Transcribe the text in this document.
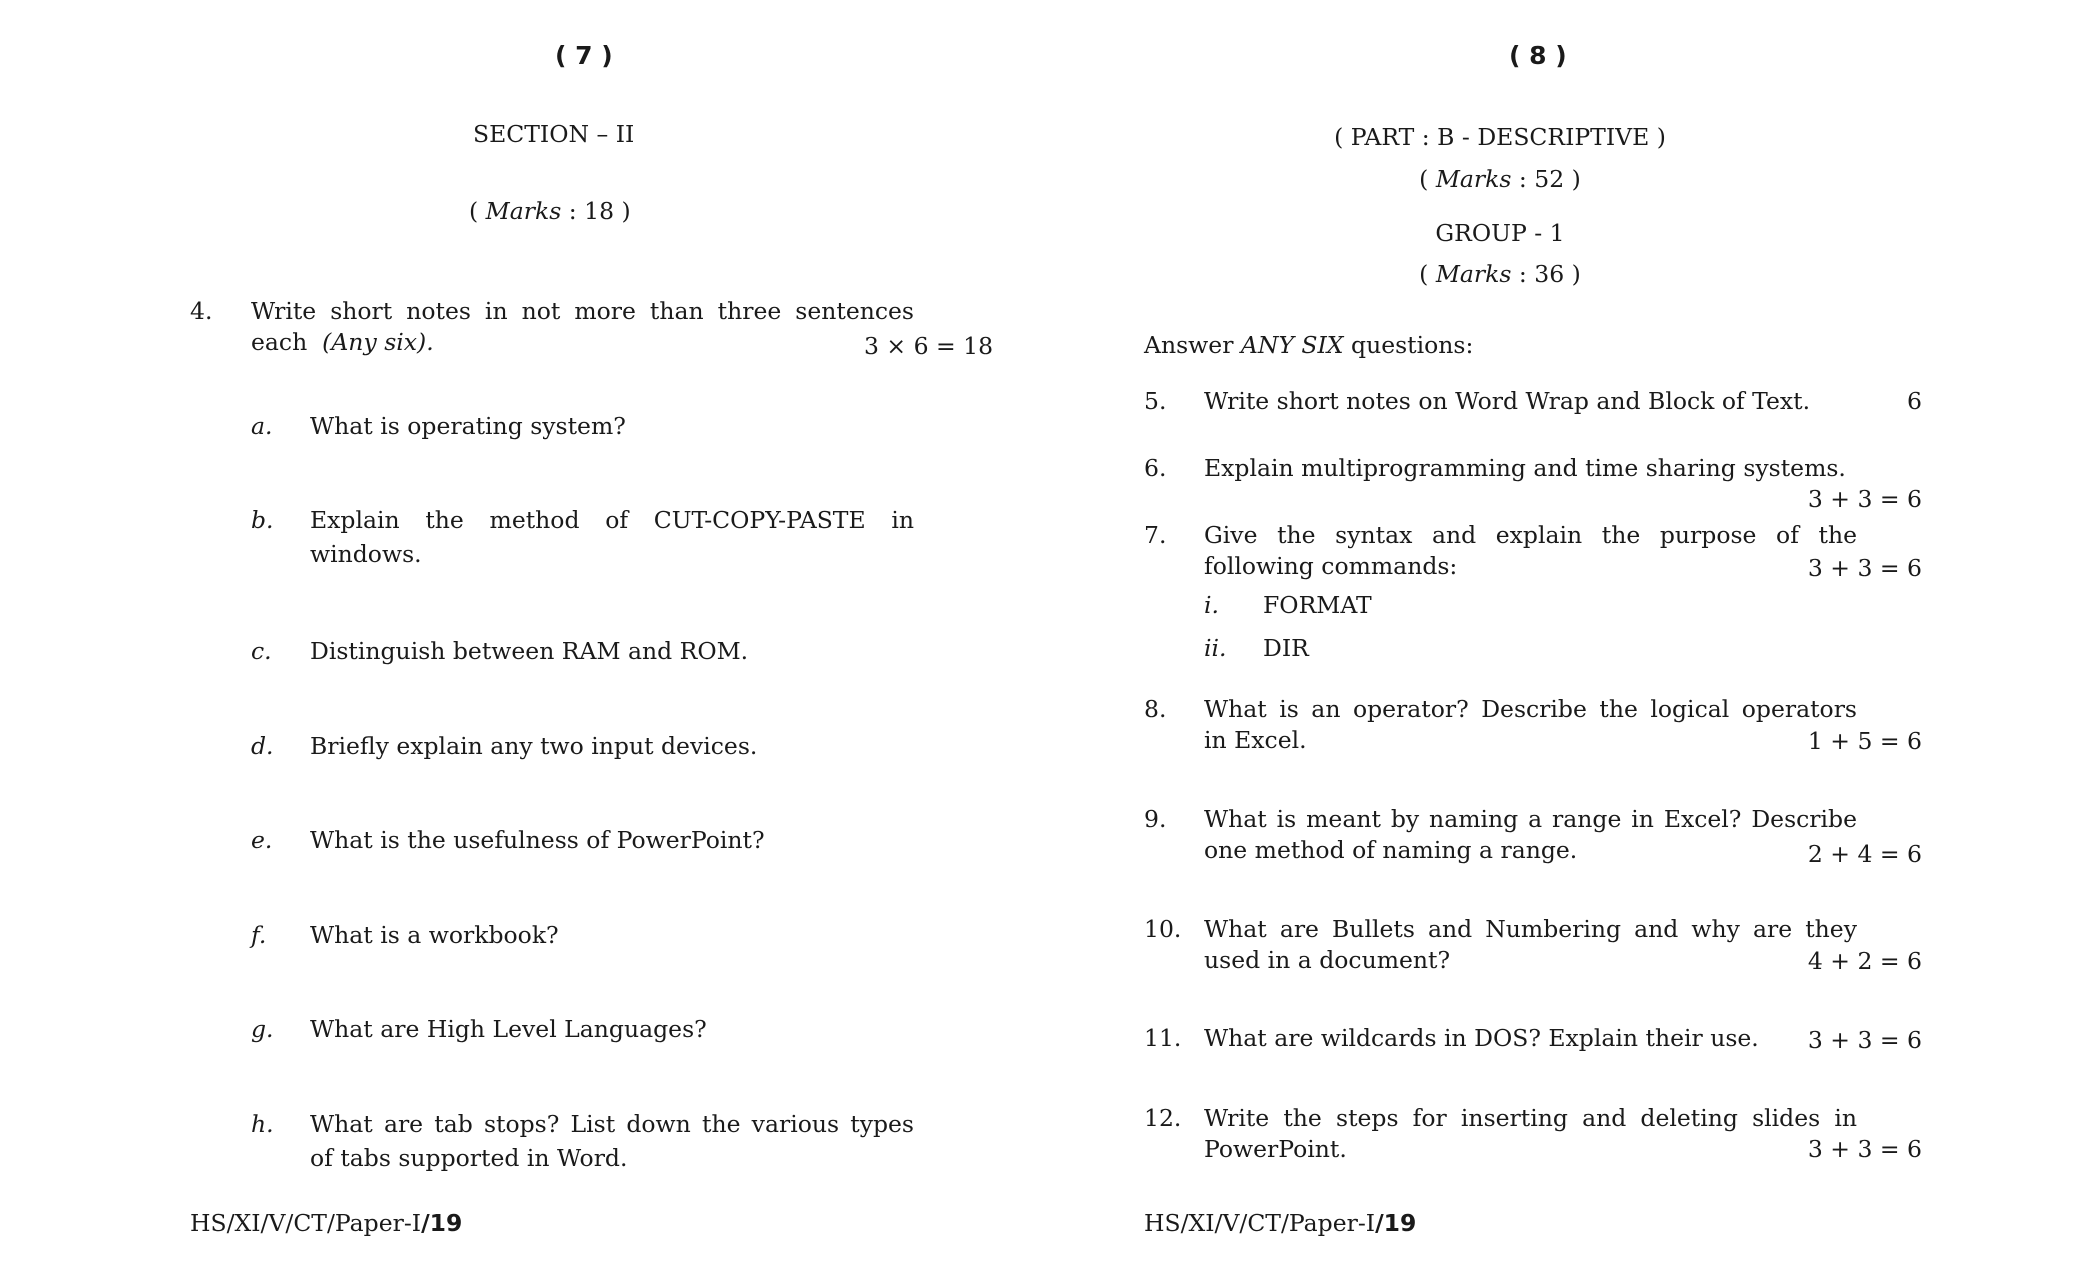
( 7 )
SECTION – II
( Marks : 18 )
4. Write short notes in not more than three sentences
each (Any six).	3 × 6 = 18
a. What is operating system?
b. Explain the method of CUT-COPY-PASTE in
windows.
c. Distinguish between RAM and ROM.
d. Briefly explain any two input devices.
e. What is the usefulness of PowerPoint?
f. What is a workbook?
g. What are High Level Languages?
h. What are tab stops? List down the various types
of tabs supported in Word.
HS/XI/V/CT/Paper-I/19
( 8 )
( PART : B - DESCRIPTIVE )
( Marks : 52 )
GROUP - 1
( Marks : 36 )
Answer ANY SIX questions:
5. Write short notes on Word Wrap and Block of Text.	6
6. Explain multiprogramming and time sharing systems.
3 + 3 = 6
7. Give the syntax and explain the purpose of the
following commands:	3 + 3 = 6
i. FORMAT
ii. DIR
8. What is an operator? Describe the logical operators
in Excel.	1 + 5 = 6
9. What is meant by naming a range in Excel? Describe
one method of naming a range.	2 + 4 = 6
10. What are Bullets and Numbering and why are they
used in a document?	4 + 2 = 6
11. What are wildcards in DOS? Explain their use.	3 + 3 = 6
12. Write the steps for inserting and deleting slides in
PowerPoint.	3 + 3 = 6
HS/XI/V/CT/Paper-I/19
